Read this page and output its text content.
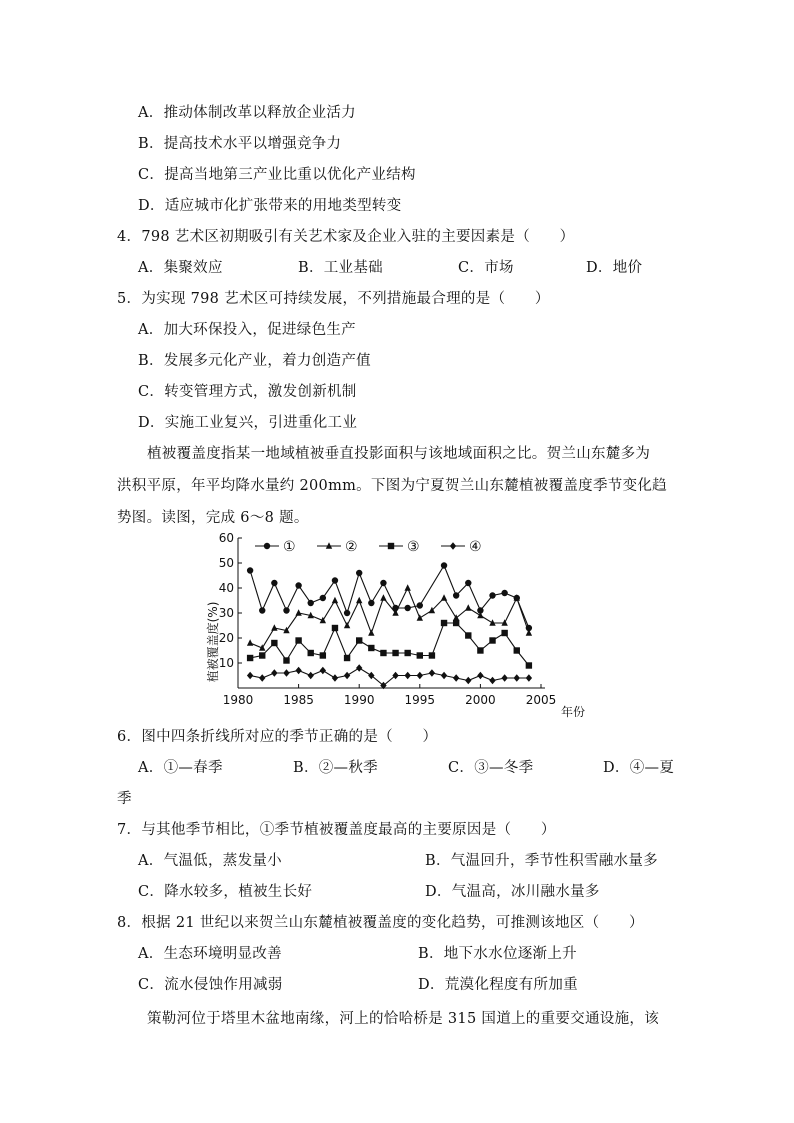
A．推动体制改革以释放企业活力
B．提高技术水平以增强竞争力
C．提高当地第三产业比重以优化产业结构
D．适应城市化扩张带来的用地类型转变
4．798 艺术区初期吸引有关艺术家及企业入驻的主要因素是（　　）
A．集聚效应	B．工业基础	C．市场	D．地价
5．为实现 798 艺术区可持续发展，不列措施最合理的是（　　）
A．加大环保投入，促进绿色生产
B．发展多元化产业，着力创造产值
C．转变管理方式，激发创新机制
D．实施工业复兴，引进重化工业
植被覆盖度指某一地域植被垂直投影面积与该地域面积之比。贺兰山东麓多为
洪积平原，年平均降水量约 200mm。下图为宁夏贺兰山东麓植被覆盖度季节变化趋
势图。读图，完成 6～8 题。
10
20
30
40
50
60
1980	1985	1990	1995	2000	2005
①	②	③	④
植被覆盖度(%)
年份
6．图中四条折线所对应的季节正确的是（　　）
A．①—春季	B．②—秋季	C．③—冬季	D．④—夏
季
7．与其他季节相比，①季节植被覆盖度最高的主要原因是（　　）
A．气温低，蒸发量小	B．气温回升，季节性积雪融水量多
C．降水较多，植被生长好	D．气温高，冰川融水量多
8．根据 21 世纪以来贺兰山东麓植被覆盖度的变化趋势，可推测该地区（　　）
A．生态环境明显改善	B．地下水水位逐渐上升
C．流水侵蚀作用减弱	D．荒漠化程度有所加重
策勒河位于塔里木盆地南缘，河上的恰哈桥是 315 国道上的重要交通设施，该
